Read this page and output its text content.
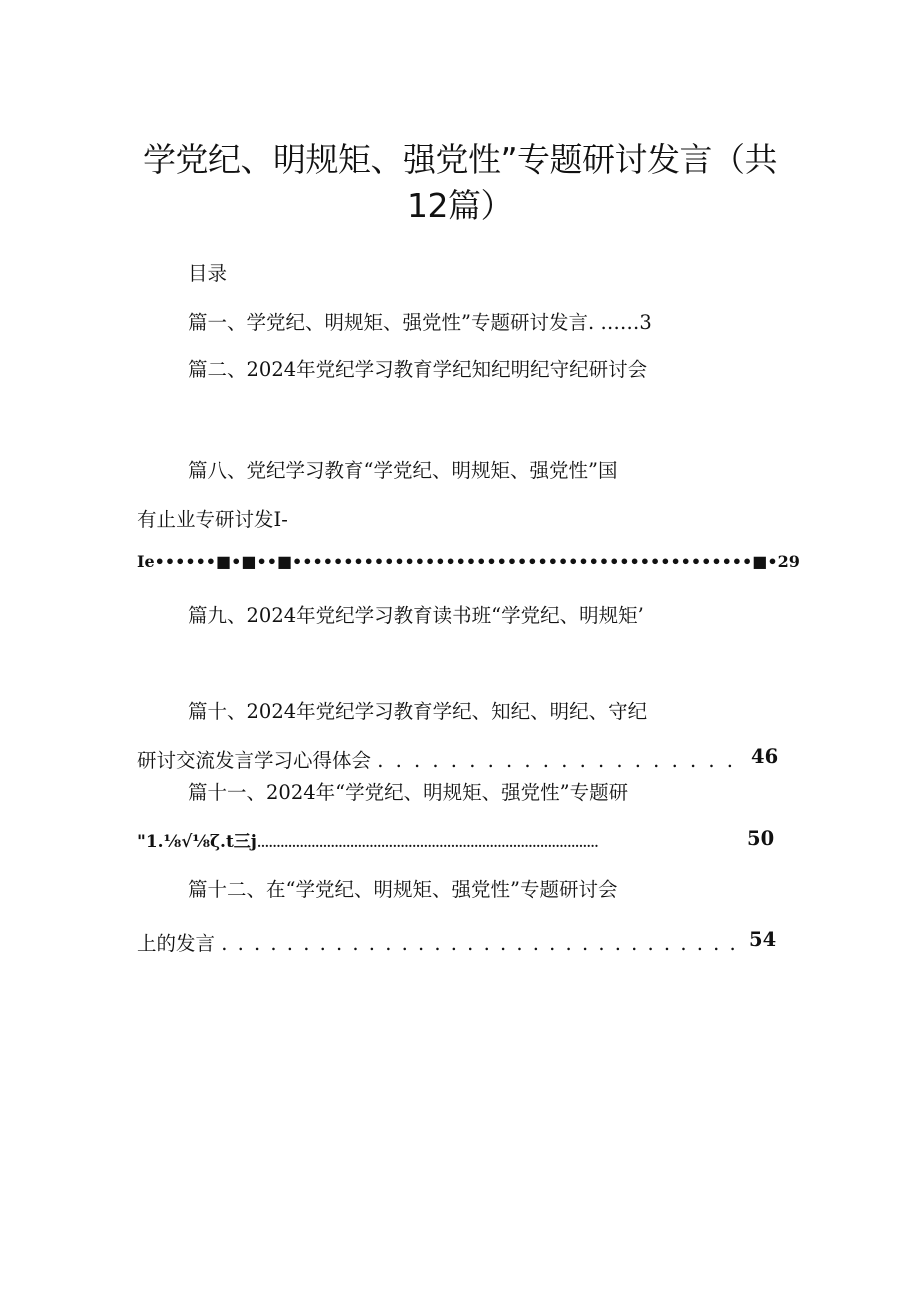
学党纪、明规矩、强党性”专题研讨发言（共
12篇）
目录
篇一、学党纪、明规矩、强党性”专题研讨发言. ……3
篇二、2024年党纪学习教育学纪知纪明纪守纪研讨会
篇八、党纪学习教育“学党纪、明规矩、强党性”国
有止业专研讨发I-
Ie••••••■•■••■•••••••••••••••••••••••••••••••••••••••••••••■•29
篇九、2024年党纪学习教育读书班“学党纪、明规矩’
篇十、2024年党纪学习教育学纪、知纪、明纪、守纪
研讨交流发言学习心得体会 . . . . . . . . . . . . . . . . . . . . 46
篇十一、2024年“学党纪、明规矩、强党性”专题研
"1.⅛√⅛ζ.t三j........................................................................................	50
篇十二、在“学党纪、明规矩、强党性”专题研讨会
上的发言 . . . . . . . . . . . . . . . . . . . . . . . . . . . . . . . . 54
